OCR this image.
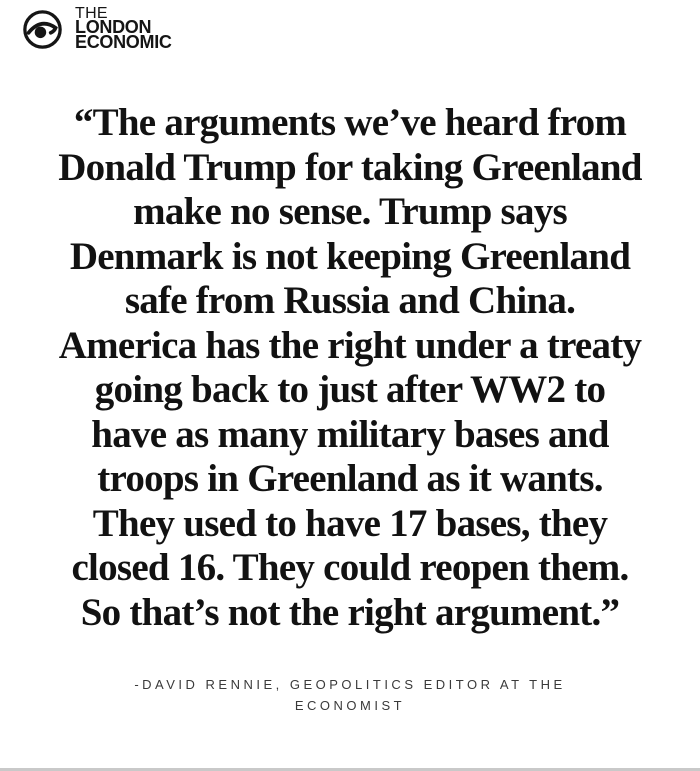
THE
LONDON
ECONOMIC
“The arguments we’ve heard from
Donald Trump for taking Greenland
make no sense. Trump says
Denmark is not keeping Greenland
safe from Russia and China.
America has the right under a treaty
going back to just after WW2 to
have as many military bases and
troops in Greenland as it wants.
They used to have 17 bases, they
closed 16. They could reopen them.
So that’s not the right argument.”
-DAVID RENNIE, GEOPOLITICS EDITOR AT THE
ECONOMIST
